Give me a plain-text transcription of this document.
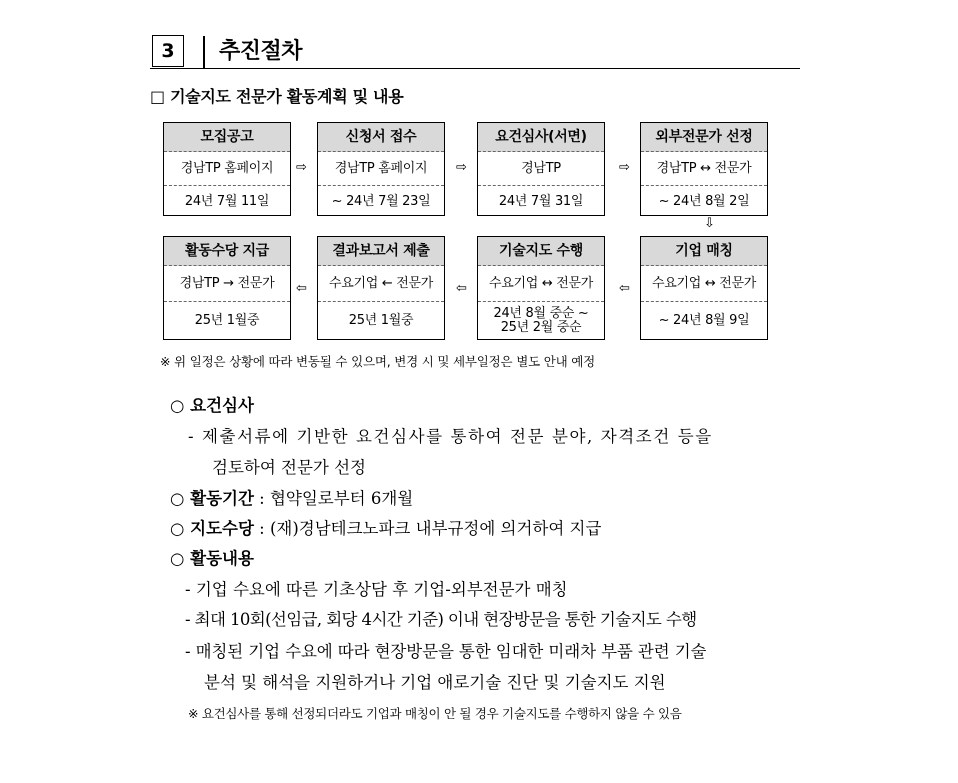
3	추진절차
□ 기술지도 전문가 활동계획 및 내용
모집공고
경남TP 홈페이지
24년 7월 11일
⇨
신청서 접수
경남TP 홈페이지
~ 24년 7월 23일
⇨
요건심사(서면)
경남TP
24년 7월 31일
⇨
외부전문가 선정
경남TP ↔ 전문가
~ 24년 8월 2일
⇩
활동수당 지급
경남TP → 전문가
25년 1월중
⇦
결과보고서 제출
수요기업 ← 전문가
25년 1월중
⇦
기술지도 수행
수요기업 ↔ 전문가
24년 8월 중순 ~
25년 2월 중순
⇦
기업 매칭
수요기업 ↔ 전문가
~ 24년 8월 9일
※ 위 일정은 상황에 따라 변동될 수 있으며, 변경 시 및 세부일정은 별도 안내 예정
○ 요건심사
- 제출서류에 기반한 요건심사를 통하여 전문 분야, 자격조건 등을
검토하여 전문가 선정
○ 활동기간 : 협약일로부터 6개월
○ 지도수당 : (재)경남테크노파크 내부규정에 의거하여 지급
○ 활동내용
- 기업 수요에 따른 기초상담 후 기업-외부전문가 매칭
- 최대 10회(선임급, 회당 4시간 기준) 이내 현장방문을 통한 기술지도 수행
- 매칭된 기업 수요에 따라 현장방문을 통한 임대한 미래차 부품 관련 기술
분석 및 해석을 지원하거나 기업 애로기술 진단 및 기술지도 지원
※ 요건심사를 통해 선정되더라도 기업과 매칭이 안 될 경우 기술지도를 수행하지 않을 수 있음
